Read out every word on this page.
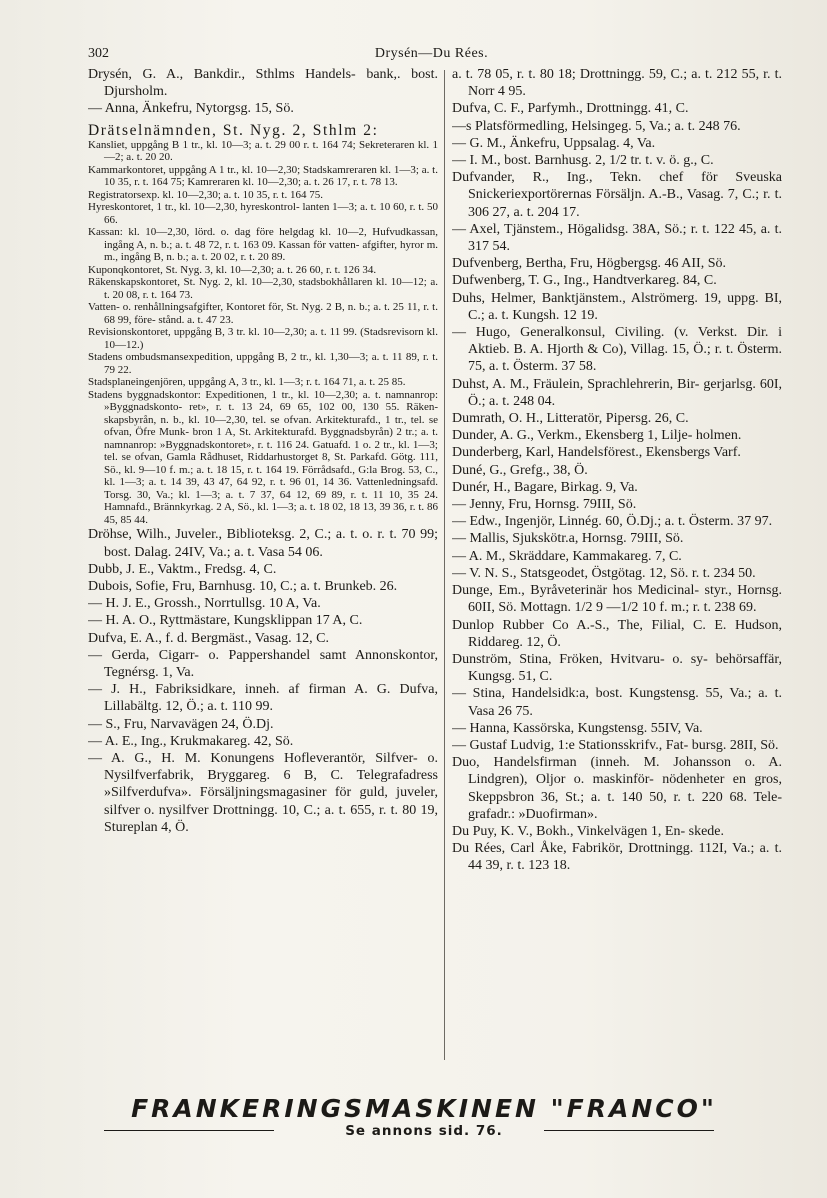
302	Drysén—Du Rées.

Drysén, G. A., Bankdir., Sthlms Handels- bank,. bost. Djursholm.

— Anna, Änkefru, Nytorgsg. 15, Sö.

Drätselnämnden, St. Nyg. 2, Sthlm 2:

Kansliet, uppgång B 1 tr., kl. 10—3; a. t. 29 00 r. t. 164 74; Sekreteraren kl. 1—2; a. t. 20 20.

Kammarkontoret, uppgång A 1 tr., kl. 10—2,30; Stadskamreraren kl. 1—3; a. t. 10 35, r. t. 164 75; Kamreraren kl. 10—2,30; a. t. 26 17, r. t. 78 13.

Registratorsexp. kl. 10—2,30; a. t. 10 35, r. t. 164 75.

Hyreskontoret, 1 tr., kl. 10—2,30, hyreskontrol- lanten 1—3; a. t. 10 60, r. t. 50 66.

Kassan: kl. 10—2,30, lörd. o. dag före helgdag kl. 10—2, Hufvudkassan, ingång A, n. b.; a. t. 48 72, r. t. 163 09. Kassan för vatten- afgifter, hyror m. m., ingång B, n. b.; a. t. 20 02, r. t. 20 89.

Kuponqkontoret, St. Nyg. 3, kl. 10—2,30; a. t. 26 60, r. t. 126 34.

Räkenskapskontoret, St. Nyg. 2, kl. 10—2,30, stadsbokhållaren kl. 10—12; a. t. 20 08, r. t. 164 73.

Vatten- o. renhållningsafgifter, Kontoret för, St. Nyg. 2 B, n. b.; a. t. 25 11, r. t. 68 99, före- stånd. a. t. 47 23.

Revisionskontoret, uppgång B, 3 tr. kl. 10—2,30; a. t. 11 99. (Stadsrevisorn kl. 10—12.)

Stadens ombudsmansexpedition, uppgång B, 2 tr., kl. 1,30—3; a. t. 11 89, r. t. 79 22.

Stadsplaneingenjören, uppgång A, 3 tr., kl. 1—3; r. t. 164 71, a. t. 25 85.

Stadens byggnadskontor: Expeditionen, 1 tr., kl. 10—2,30; a. t. namnanrop: »Byggnadskonto- ret», r. t. 13 24, 69 65, 102 00, 130 55. Räken- skapsbyrån, n. b., kl. 10—2,30, tel. se ofvan. Arkitekturafd., 1 tr., tel. se ofvan, Öfre Munk- bron 1 A, St. Arkitekturafd. Byggnadsbyrån) 2 tr.; a. t. namnanrop: »Byggnadskontoret», r. t. 116 24. Gatuafd. 1 o. 2 tr., kl. 1—3; tel. se ofvan, Gamla Rådhuset, Riddarhustorget 8, St. Parkafd. Götg. 111, Sö., kl. 9—10 f. m.; a. t. 18 15, r. t. 164 19. Förrådsafd., G:la Brog. 53, C., kl. 1—3; a. t. 14 39, 43 47, 64 92, r. t. 96 01, 14 36. Vattenledningsafd. Torsg. 30, Va.; kl. 1—3; a. t. 7 37, 64 12, 69 89, r. t. 11 10, 35 24. Hamnafd., Brännkyrkag. 2 A, Sö., kl. 1—3; a. t. 18 02, 18 13, 39 36, r. t. 86 45, 85 44.

Dröhse, Wilh., Juveler., Biblioteksg. 2, C.; a. t. o. r. t. 70 99; bost. Dalag. 24IV, Va.; a. t. Vasa 54 06.

Dubb, J. E., Vaktm., Fredsg. 4, C.

Dubois, Sofie, Fru, Barnhusg. 10, C.; a. t. Brunkeb. 26.

— H. J. E., Grossh., Norrtullsg. 10 A, Va.

— H. A. O., Ryttmästare, Kungsklippan 17 A, C.

Dufva, E. A., f. d. Bergmäst., Vasag. 12, C.

— Gerda, Cigarr- o. Pappershandel samt Annonskontor, Tegnérsg. 1, Va.

— J. H., Fabriksidkare, inneh. af firman A. G. Dufva, Lillabältg. 12, Ö.; a. t. 110 99.

— S., Fru, Narvavägen 24, Ö.Dj.

— A. E., Ing., Krukmakareg. 42, Sö.

— A. G., H. M. Konungens Hofleverantör, Silfver- o. Nysilfverfabrik, Bryggareg. 6 B, C. Telegrafadress »Silfverdufva». Försäljningsmagasiner för guld, juveler, silfver o. nysilfver Drottningg. 10, C.; a. t. 655, r. t. 80 19, Stureplan 4, Ö.

a. t. 78 05, r. t. 80 18; Drottningg. 59, C.; a. t. 212 55, r. t. Norr 4 95.

Dufva, C. F., Parfymh., Drottningg. 41, C.

—s Platsförmedling, Helsingeg. 5, Va.; a. t. 248 76.

— G. M., Änkefru, Uppsalag. 4, Va.

— I. M., bost. Barnhusg. 2, 1/2 tr. t. v. ö. g., C.

Dufvander, R., Ing., Tekn. chef för Sveuska Snickeriexportörernas Försäljn. A.-B., Vasag. 7, C.; r. t. 306 27, a. t. 204 17.

— Axel, Tjänstem., Högalidsg. 38A, Sö.; r. t. 122 45, a. t. 317 54.

Dufvenberg, Bertha, Fru, Högbergsg. 46 AII, Sö.

Dufwenberg, T. G., Ing., Handtverkareg. 84, C.

Duhs, Helmer, Banktjänstem., Alströmerg. 19, uppg. BI, C.; a. t. Kungsh. 12 19.

— Hugo, Generalkonsul, Civiling. (v. Verkst. Dir. i Aktieb. B. A. Hjorth & Co), Villag. 15, Ö.; r. t. Österm. 75, a. t. Österm. 37 58.

Duhst, A. M., Fräulein, Sprachlehrerin, Bir- gerjarlsg. 60I, Ö.; a. t. 248 04.

Dumrath, O. H., Litteratör, Pipersg. 26, C.

Dunder, A. G., Verkm., Ekensberg 1, Lilje- holmen.

Dunderberg, Karl, Handelsförest., Ekensbergs Varf.

Duné, G., Grefg., 38, Ö.

Dunér, H., Bagare, Birkag. 9, Va.

— Jenny, Fru, Hornsg. 79III, Sö.

— Edw., Ingenjör, Linnég. 60, Ö.Dj.; a. t. Österm. 37 97.

— Mallis, Sjukskötr.a, Hornsg. 79III, Sö.

— A. M., Skräddare, Kammakareg. 7, C.

— V. N. S., Statsgeodet, Östgötag. 12, Sö. r. t. 234 50.

Dunge, Em., Byråveterinär hos Medicinal- styr., Hornsg. 60II, Sö. Mottagn. 1/2 9 —1/2 10 f. m.; r. t. 238 69.

Dunlop Rubber Co A.-S., The, Filial, C. E. Hudson, Riddareg. 12, Ö.

Dunström, Stina, Fröken, Hvitvaru- o. sy- behörsaffär, Kungsg. 51, C.

— Stina, Handelsidk:a, bost. Kungstensg. 55, Va.; a. t. Vasa 26 75.

— Hanna, Kassörska, Kungstensg. 55IV, Va.

— Gustaf Ludvig, 1:e Stationsskrifv., Fat- bursg. 28II, Sö.

Duo, Handelsfirman (inneh. M. Johansson o. A. Lindgren), Oljor o. maskinför- nödenheter en gros, Skeppsbron 36, St.; a. t. 140 50, r. t. 220 68. Tele- grafadr.: »Duofirman».

Du Puy, K. V., Bokh., Vinkelvägen 1, En- skede.

Du Rées, Carl Åke, Fabrikör, Drottningg. 112I, Va.; a. t. 44 39, r. t. 123 18.

FRANKERINGSMASKINEN "FRANCO"
Se annons sid. 76.
